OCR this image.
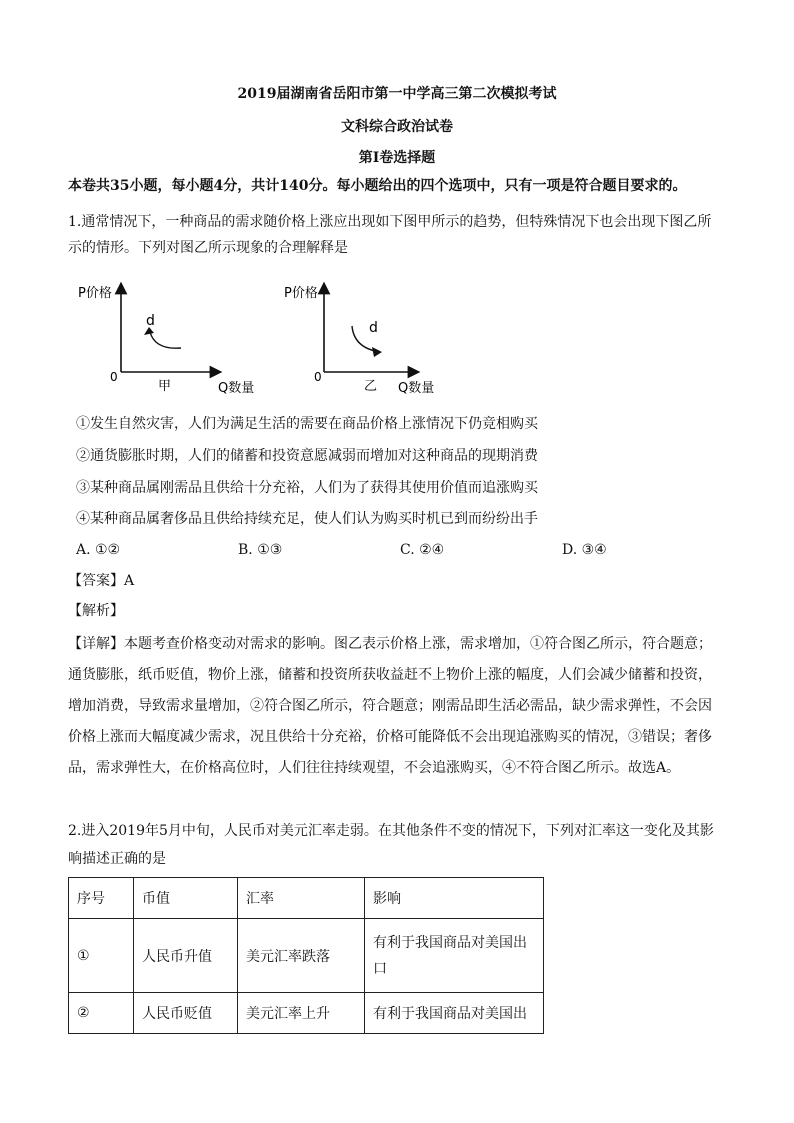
2019届湖南省岳阳市第一中学高三第二次模拟考试
文科综合政治试卷
第Ⅰ卷选择题
本卷共35小题，每小题4分，共计140分。每小题给出的四个选项中，只有一项是符合题目要求的。
1.通常情况下，一种商品的需求随价格上涨应出现如下图甲所示的趋势，但特殊情况下也会出现下图乙所
示的情形。下列对图乙所示现象的合理解释是
P价格
Q数量
0
d
甲
P价格
Q数量
0
d
乙
①发生自然灾害，人们为满足生活的需要在商品价格上涨情况下仍竞相购买
②通货膨胀时期，人们的储蓄和投资意愿减弱而增加对这种商品的现期消费
③某种商品属刚需品且供给十分充裕，人们为了获得其使用价值而追涨购买
④某种商品属奢侈品且供给持续充足，使人们认为购买时机已到而纷纷出手
A. ①②	B. ①③	C. ②④	D. ③④
【答案】A
【解析】
【详解】本题考查价格变动对需求的影响。图乙表示价格上涨，需求增加，①符合图乙所示，符合题意；
通货膨胀，纸币贬值，物价上涨，储蓄和投资所获收益赶不上物价上涨的幅度，人们会减少储蓄和投资，
增加消费，导致需求量增加，②符合图乙所示，符合题意；刚需品即生活必需品，缺少需求弹性，不会因
价格上涨而大幅度减少需求，况且供给十分充裕，价格可能降低不会出现追涨购买的情况，③错误；奢侈
品，需求弹性大，在价格高位时，人们往往持续观望，不会追涨购买，④不符合图乙所示。故选A。
2.进入2019年5月中旬，人民币对美元汇率走弱。在其他条件不变的情况下，下列对汇率这一变化及其影
响描述正确的是
序号	币值	汇率	影响
①	人民币升值	美元汇率跌落	有利于我国商品对美国出
口
②	人民币贬值	美元汇率上升	有利于我国商品对美国出
